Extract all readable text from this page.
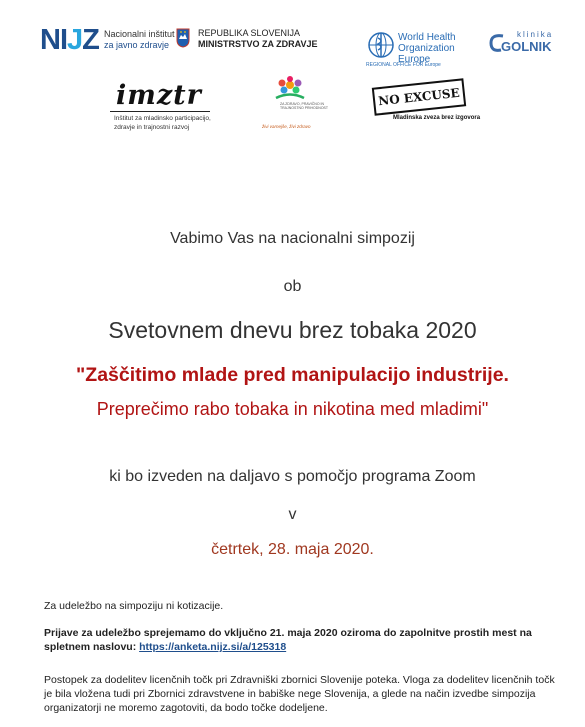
NIJZ Nacionalni inštitut
za javno zdravje
REPUBLIKA SLOVENIJA
MINISTRSTVO ZA ZDRAVJE
World Health
Organization
Europe
REGIONAL OFFICE FOR Europe
klinika
GOLNIK
imztr
Inštitut za mladinsko participacijo,
zdravje in trajnostni razvoj
ZA ZDRAVO, PRAVIČNO IN TRAJNOSTNO PRIHODNOST
živi varnejše, živi zdravo
NO EXCUSE
Mladinska zveza brez izgovora
Vabimo Vas na nacionalni simpozij
ob
Svetovnem dnevu brez tobaka 2020
"Zaščitimo mlade pred manipulacijo industrije.
Preprečimo rabo tobaka in nikotina med mladimi"
ki bo izveden na daljavo s pomočjo programa Zoom
v
četrtek, 28. maja 2020.
Za udeležbo na simpoziju ni kotizacije.
Prijave za udeležbo sprejemamo do vključno 21. maja 2020 oziroma do zapolnitve prostih mest na spletnem naslovu: https://anketa.nijz.si/a/125318
Postopek za dodelitev licenčnih točk pri Zdravniški zbornici Slovenije poteka. Vloga za dodelitev licenčnih točk je bila vložena tudi pri Zbornici zdravstvene in babiške nege Slovenija, a glede na način izvedbe simpozija organizatorji ne moremo zagotoviti, da bodo točke dodeljene.
